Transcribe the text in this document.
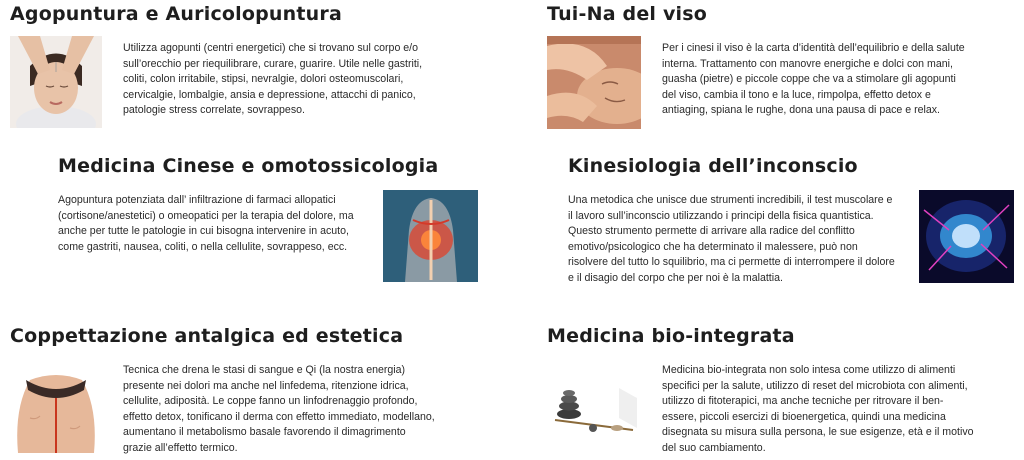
Agopuntura e Auricolopuntura

Utilizza agopunti (centri energetici) che si trovano sul corpo e/o sull’orecchio per riequilibrare, curare, guarire. Utile nelle gastriti, coliti, colon irritabile, stipsi, nevralgie, dolori osteomuscolari, cervicalgie, lombalgie, ansia e depressione, attacchi di panico, patologie stress correlate, sovrappeso.

Tui-Na del viso

Per i cinesi il viso è la carta d’identità dell’equilibrio e della salute interna. Trattamento con manovre energiche e dolci con mani, guasha (pietre) e piccole coppe che va a stimolare gli agopunti del viso, cambia il tono e la luce, rimpolpa, effetto detox e antiaging, spiana le rughe, dona una pausa di pace e relax.

Medicina Cinese e omotossicologia

Agopuntura potenziata dall’ infiltrazione di farmaci allopatici (cortisone/anestetici) o omeopatici per la terapia del dolore, ma anche per tutte le patologie in cui bisogna intervenire in acuto, come gastriti, nausea, coliti, o nella cellulite, sovrappeso, ecc.

Kinesiologia dell’inconscio

Una metodica che unisce due strumenti incredibili, il test muscolare e il lavoro sull’inconscio utilizzando i principi della fisica quantistica. Questo strumento permette di arrivare alla radice del conflitto emotivo/psicologico che ha determinato il malessere, può non risolvere del tutto lo squilibrio, ma ci permette di interrompere il dolore e il disagio del corpo che per noi è la malattia.

Coppettazione antalgica ed estetica

Tecnica che drena le stasi di sangue e Qi (la nostra energia) presente nei dolori ma anche nel linfedema, ritenzione idrica, cellulite, adiposità. Le coppe fanno un linfodrenaggio profondo, effetto detox, tonificano il derma con effetto immediato, modellano, aumentano il metabolismo basale favorendo il dimagrimento grazie all’effetto termico.

Medicina bio-integrata

Medicina bio-integrata non solo intesa come utilizzo di alimenti specifici per la salute, utilizzo di reset del microbiota con alimenti, utilizzo di fitoterapici, ma anche tecniche per ritrovare il ben-essere, piccoli esercizi di bioenergetica, quindi una medicina disegnata su misura sulla persona, le sue esigenze, età e il motivo del suo cambiamento.
